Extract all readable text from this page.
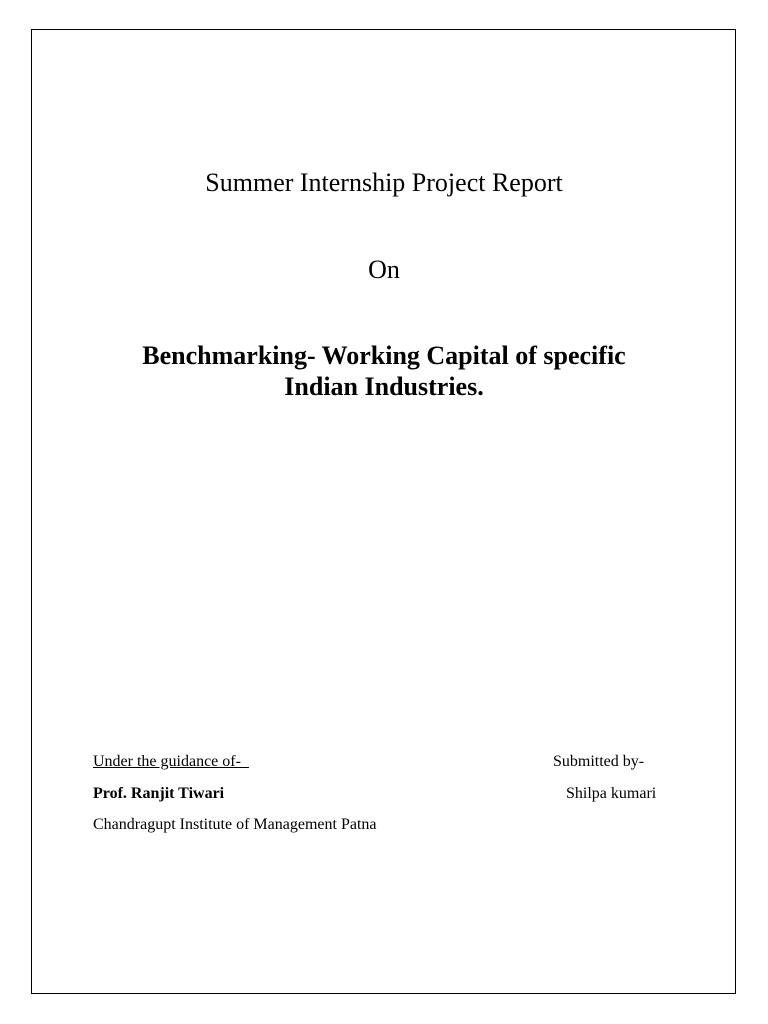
Summer Internship Project Report
On
Benchmarking- Working Capital of specific
Indian Industries.
Under the guidance of-
Prof. Ranjit Tiwari
Chandragupt Institute of Management Patna
Submitted by-
Shilpa kumari
